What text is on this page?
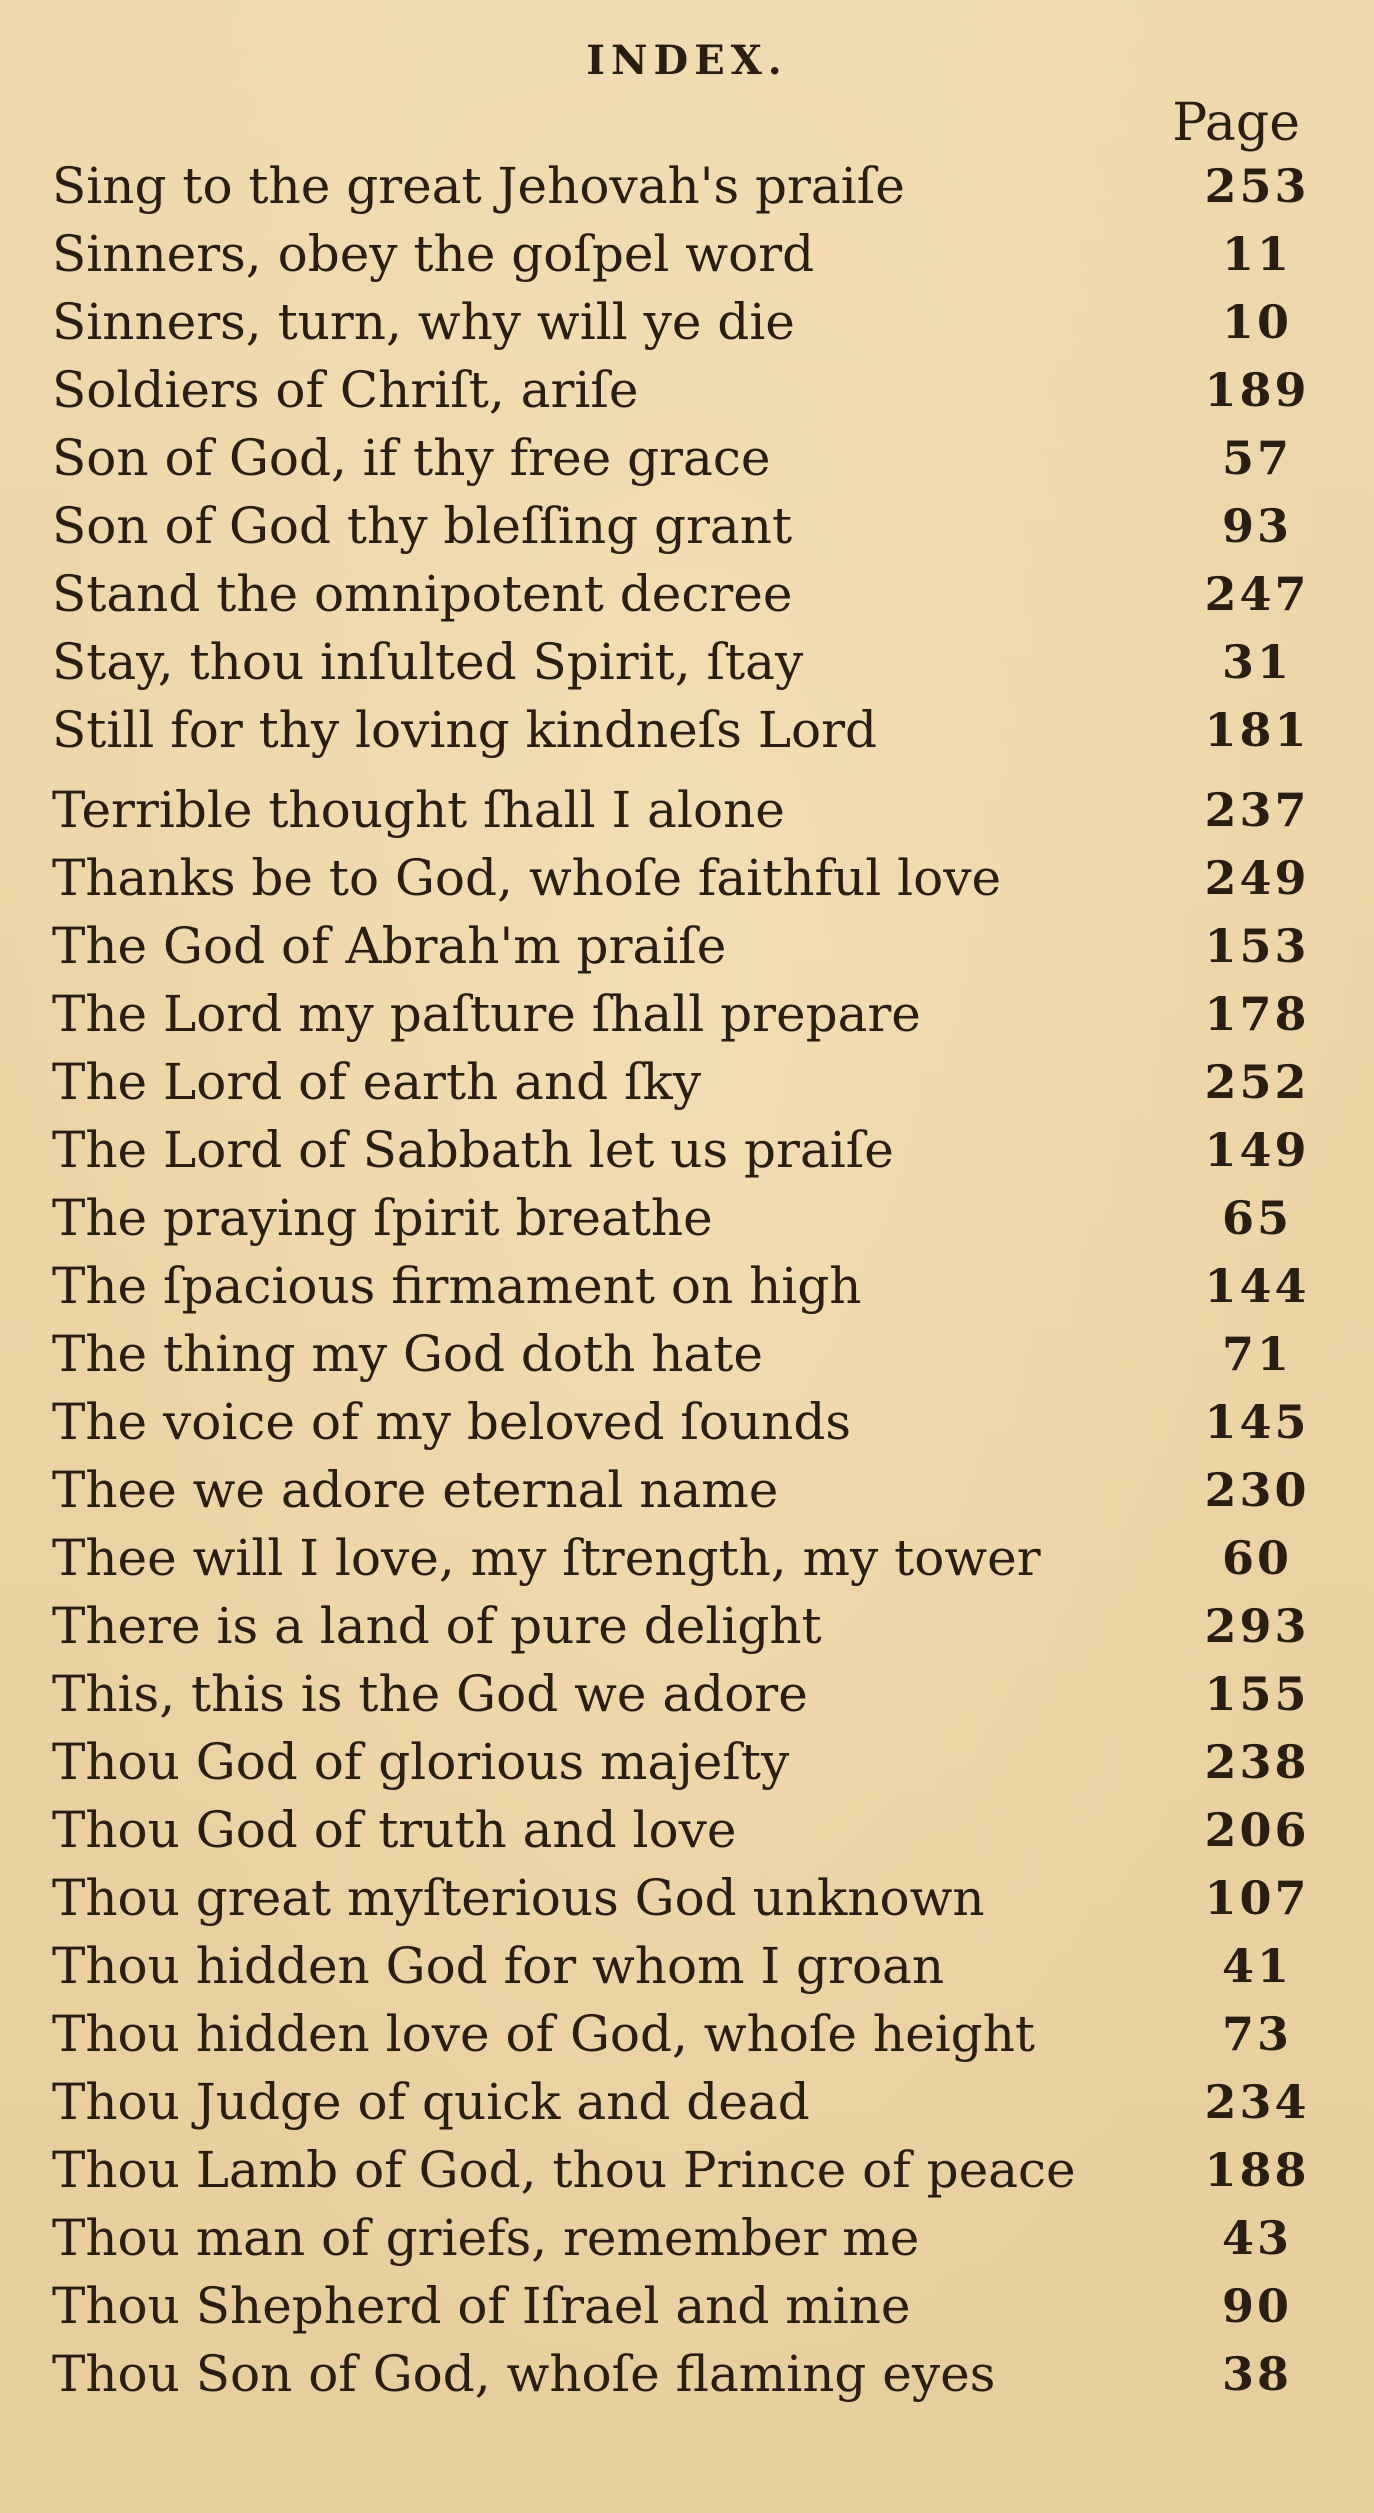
INDEX.
Page
Sing to the great Jehovah's praiſe	253
Sinners, obey the goſpel word	11
Sinners, turn, why will ye die	10
Soldiers of Chriſt, ariſe	189
Son of God, if thy free grace	57
Son of God thy bleſſing grant	93
Stand the omnipotent decree	247
Stay, thou inſulted Spirit, ſtay	31
Still for thy loving kindneſs Lord	181
Terrible thought ſhall I alone	237
Thanks be to God, whoſe faithful love	249
The God of Abrah'm praiſe	153
The Lord my paſture ſhall prepare	178
The Lord of earth and ſky	252
The Lord of Sabbath let us praiſe	149
The praying ſpirit breathe	65
The ſpacious firmament on high	144
The thing my God doth hate	71
The voice of my beloved ſounds	145
Thee we adore eternal name	230
Thee will I love, my ſtrength, my tower	60
There is a land of pure delight	293
This, this is the God we adore	155
Thou God of glorious majeſty	238
Thou God of truth and love	206
Thou great myſterious God unknown	107
Thou hidden God for whom I groan	41
Thou hidden love of God, whoſe height	73
Thou Judge of quick and dead	234
Thou Lamb of God, thou Prince of peace	188
Thou man of griefs, remember me	43
Thou Shepherd of Iſrael and mine	90
Thou Son of God, whoſe flaming eyes	38
